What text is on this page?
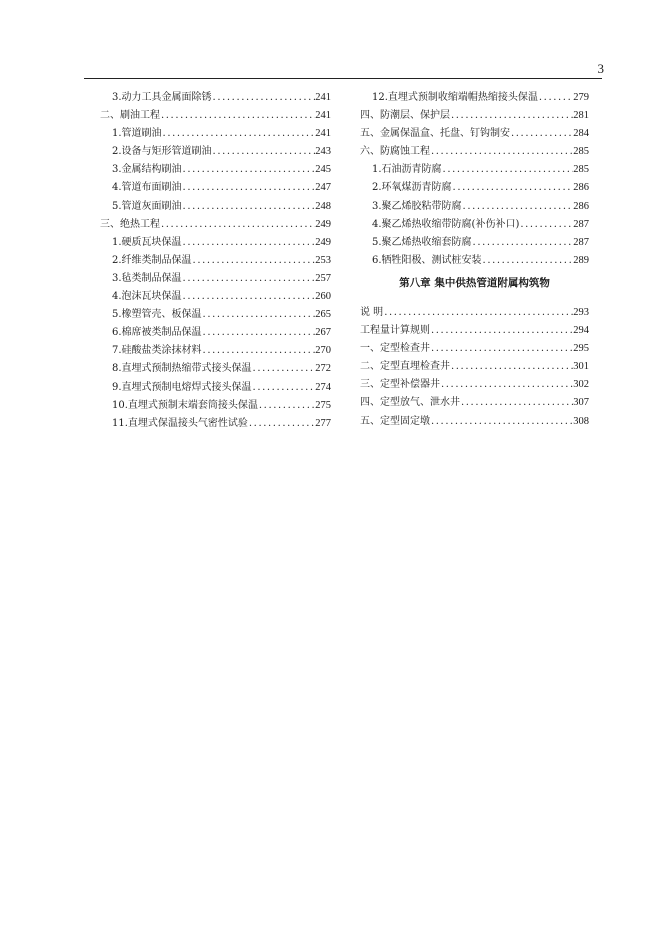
3
3.动力工具金属面除锈 .....	241
二、刷油工程 .....	241
1.管道刷油 .....	241
2.设备与矩形管道刷油 .....	243
3.金属结构刷油 .....	245
4.管道布面刷油 .....	247
5.管道灰面刷油 .....	248
三、绝热工程 .....	249
1.硬质瓦块保温 .....	249
2.纤维类制品保温 .....	253
3.毡类制品保温 .....	257
4.泡沫瓦块保温 .....	260
5.橡塑管壳、板保温 .....	265
6.棉席被类制品保温 .....	267
7.硅酸盐类涂抹材料 .....	270
8.直埋式预制热缩带式接头保温 .....	272
9.直埋式预制电熔焊式接头保温 .....	274
10.直埋式预制末端套筒接头保温 .....	275
11.直埋式保温接头气密性试验 .....	277
12.直埋式预制收缩端帽热缩接头保温 .....	279
四、防潮层、保护层 .....	281
五、金属保温盒、托盘、钉钩制安 .....	284
六、防腐蚀工程 .....	285
1.石油沥青防腐 .....	285
2.环氧煤沥青防腐 .....	286
3.聚乙烯胶粘带防腐 .....	286
4.聚乙烯热收缩带防腐(补伤补口) .....	287
5.聚乙烯热收缩套防腐 .....	287
6.牺牲阳极、测试桩安装 .....	289
第八章 集中供热管道附属构筑物
说 明 .....	293
工程量计算规则 .....	294
一、定型检查井 .....	295
二、定型直埋检查井 .....	301
三、定型补偿器井 .....	302
四、定型放气、泄水井 .....	307
五、定型固定墩 .....	308
